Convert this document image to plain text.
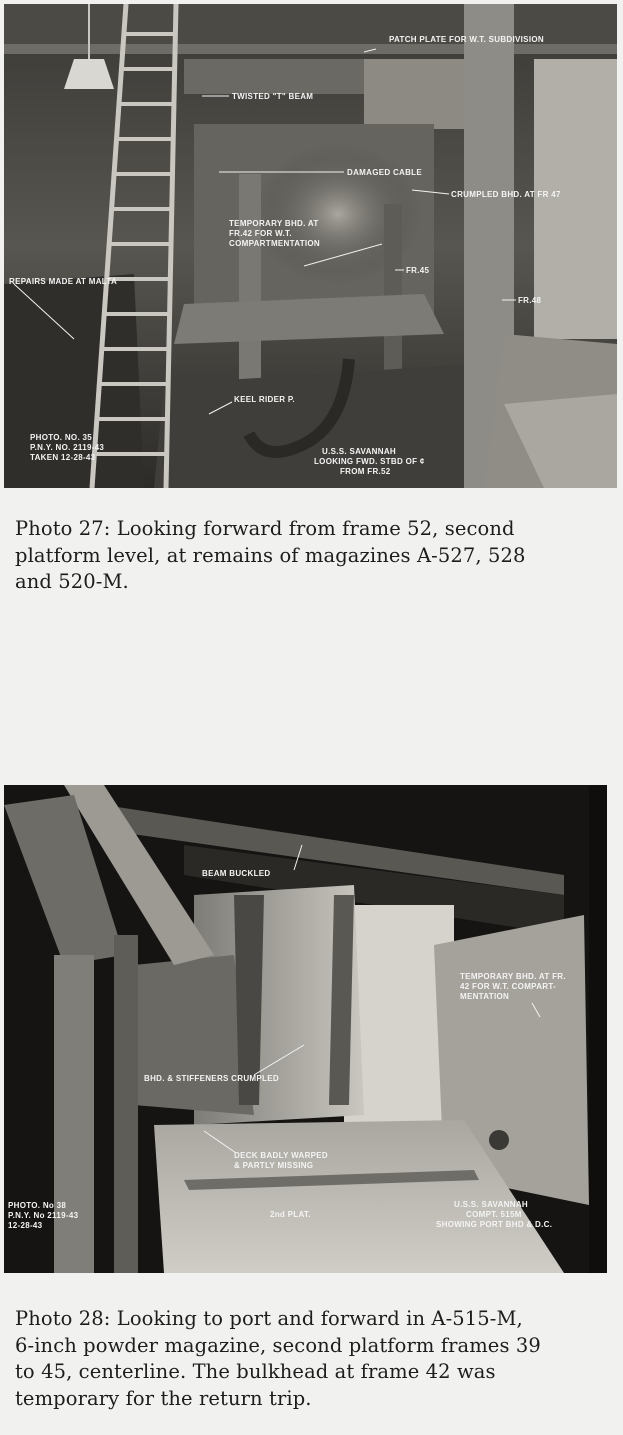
PATCH PLATE FOR W.T. SUBDIVISION
TWISTED "T" BEAM
DAMAGED CABLE
CRUMPLED BHD. AT FR 47
TEMPORARY BHD. AT
FR.42 FOR W.T.
COMPARTMENTATION
FR.45
FR.48
REPAIRS MADE AT MALTA
KEEL RIDER P.
PHOTO. NO. 35
P.N.Y. NO. 2119-43
TAKEN 12-28-43
U.S.S. SAVANNAH
LOOKING FWD. STBD OF ¢
FROM FR.52
Photo 27: Looking forward from frame 52, second
platform level, at remains of magazines A-527, 528
and 520-M.
BEAM BUCKLED
TEMPORARY BHD. AT FR.
42 FOR W.T. COMPART-
MENTATION
BHD. & STIFFENERS CRUMPLED
DECK BADLY WARPED
& PARTLY MISSING
2nd PLAT.
PHOTO. No 38
P.N.Y. No 2119-43
12-28-43
U.S.S. SAVANNAH
COMPT. 515M
SHOWING PORT BHD & D.C.
Photo 28: Looking to port and forward in A-515-M,
6-inch powder magazine, second platform frames 39
to 45, centerline. The bulkhead at frame 42 was
temporary for the return trip.
